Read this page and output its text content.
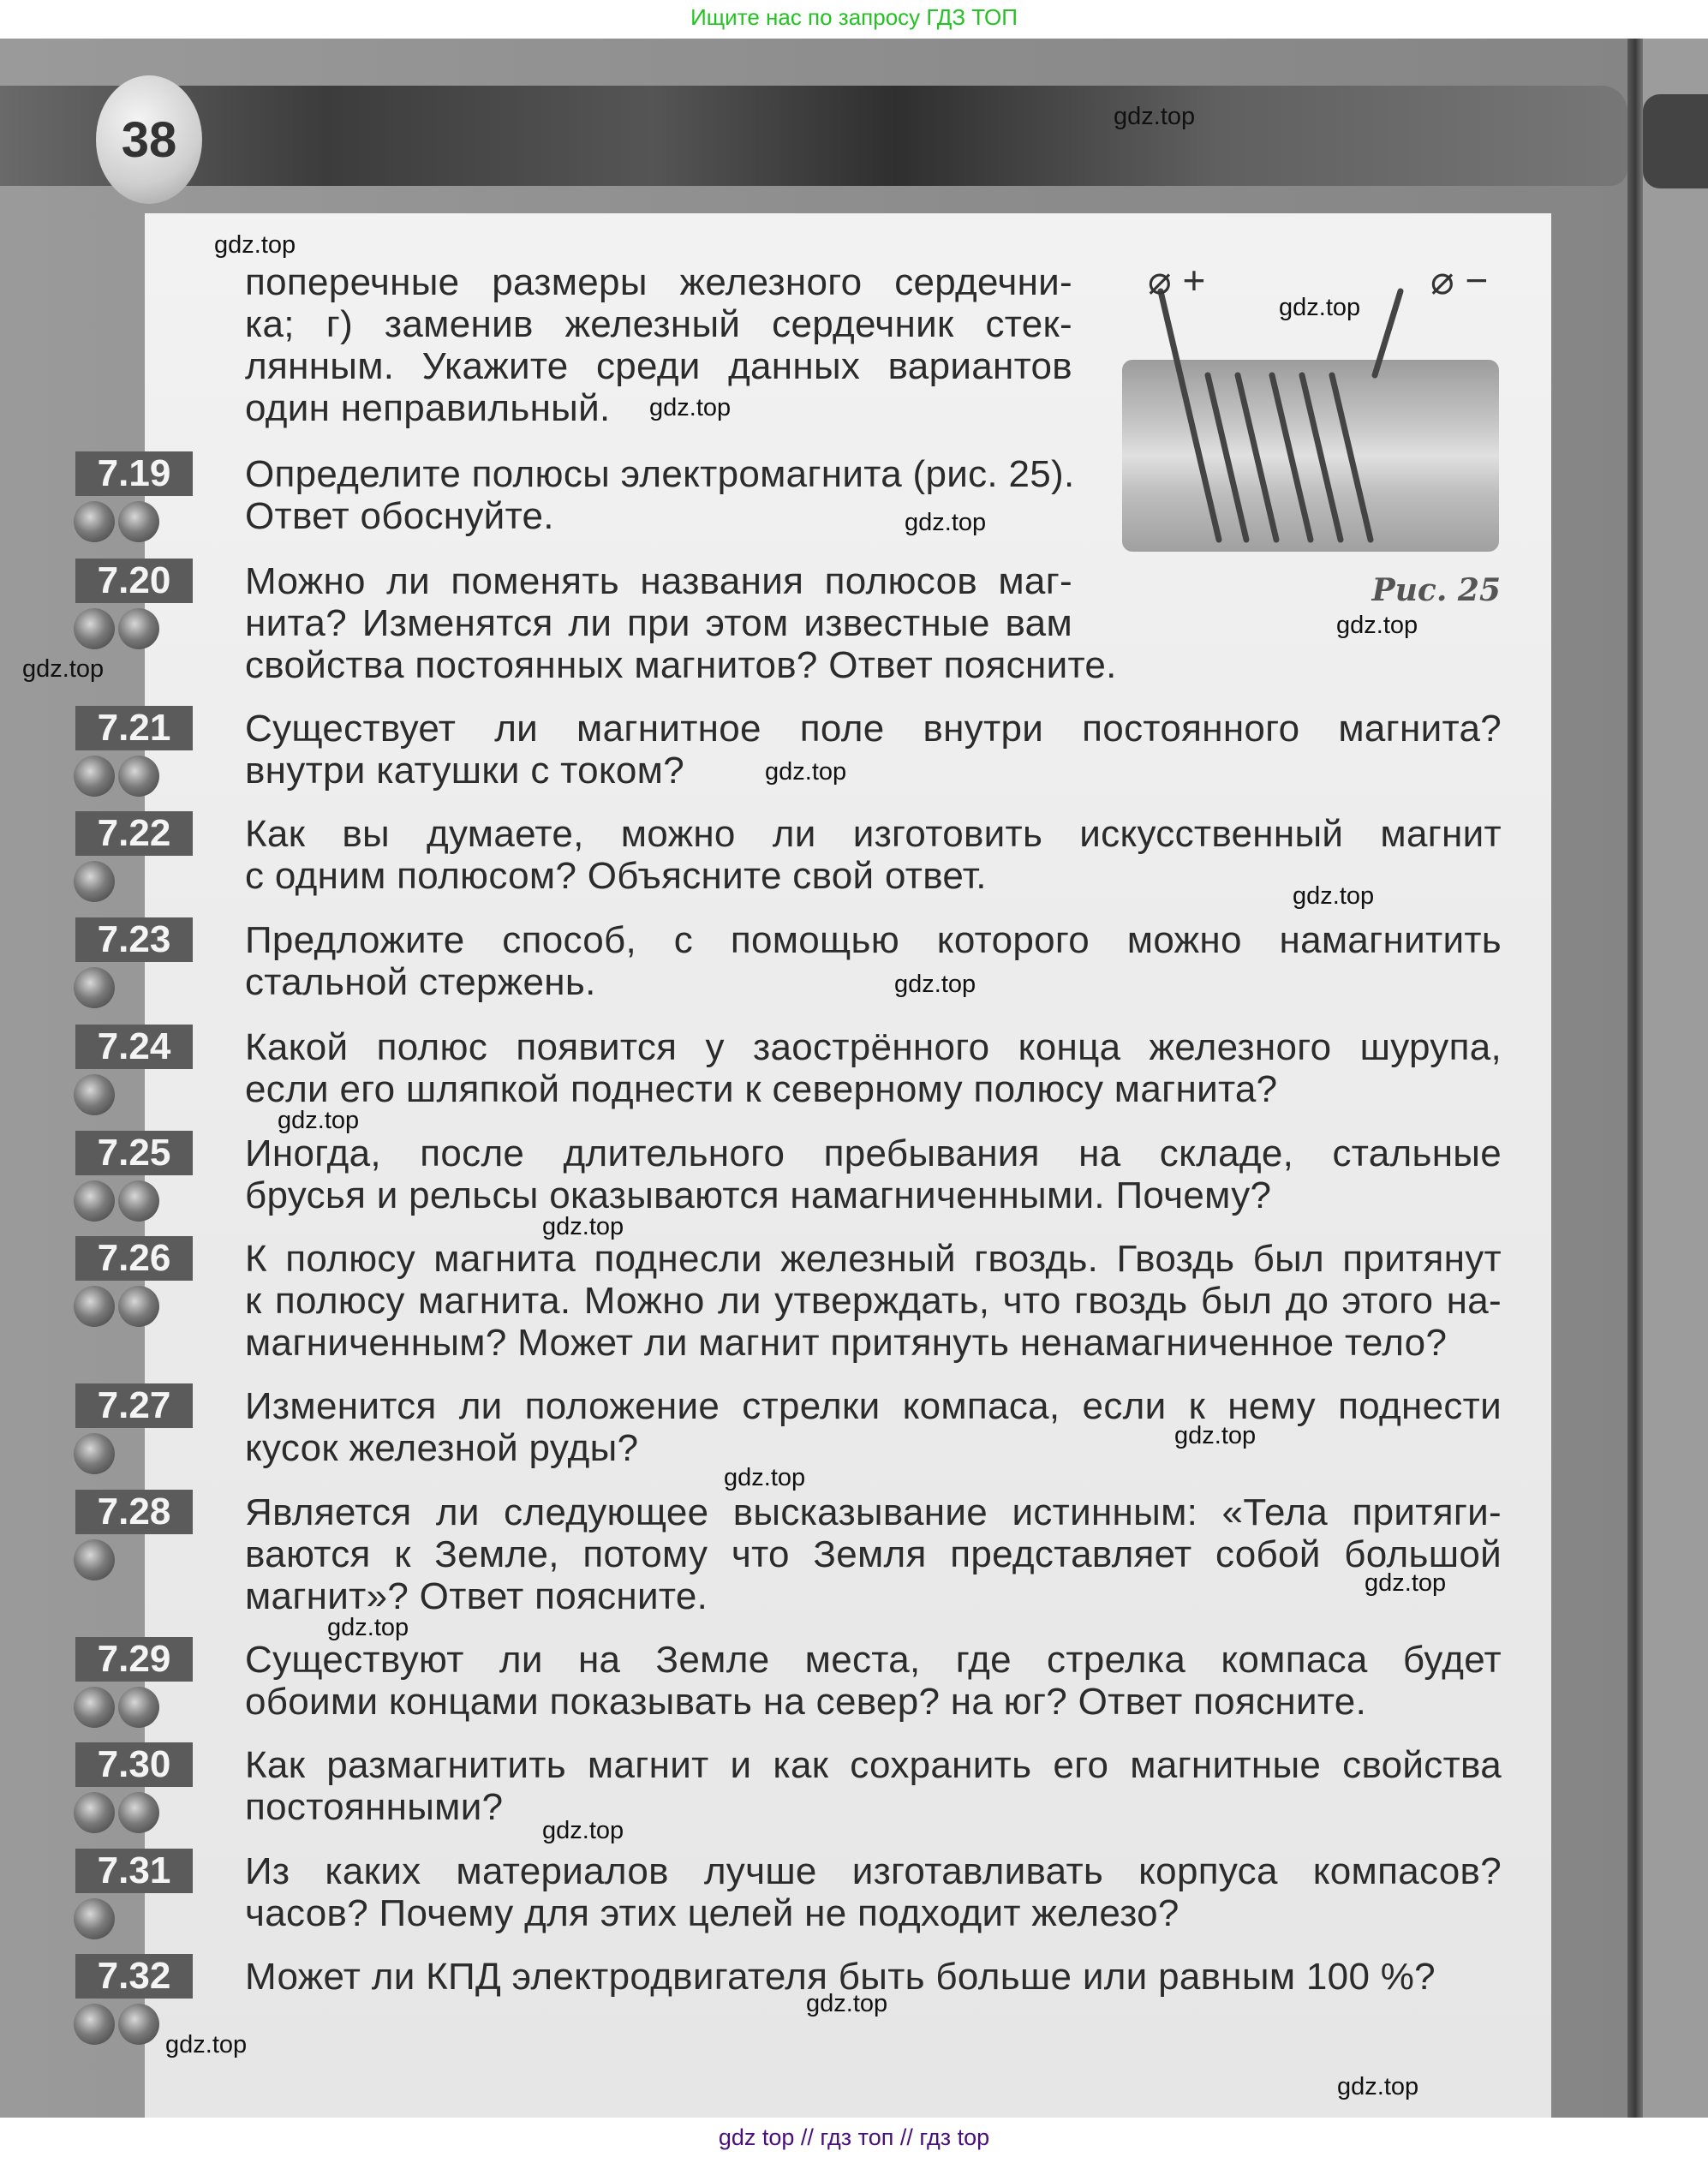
Ищите нас по запросу ГДЗ ТОП
38
поперечные размеры железного сердечни-
ка; г) заменив железный сердечник стек-
лянным. Укажите среди данных вариантов
один неправильный.
⌀ +	⌀ −
Рис. 25
7.19	Определите полюсы электромагнита (рис. 25).
Ответ обоснуйте.
7.20	Можно ли поменять названия полюсов маг-
нита? Изменятся ли при этом известные вам
свойства постоянных магнитов? Ответ поясните.
7.21	Существует ли магнитное поле внутри постоянного магнита?
внутри катушки с током?
7.22	Как вы думаете, можно ли изготовить искусственный магнит
с одним полюсом? Объясните свой ответ.
7.23	Предложите способ, с помощью которого можно намагнитить
стальной стержень.
7.24	Какой полюс появится у заострённого конца железного шурупа,
если его шляпкой поднести к северному полюсу магнита?
7.25	Иногда, после длительного пребывания на складе, стальные
брусья и рельсы оказываются намагниченными. Почему?
7.26	К полюсу магнита поднесли железный гвоздь. Гвоздь был притянут
к полюсу магнита. Можно ли утверждать, что гвоздь был до этого на-
магниченным? Может ли магнит притянуть ненамагниченное тело?
7.27	Изменится ли положение стрелки компаса, если к нему поднести
кусок железной руды?
7.28	Является ли следующее высказывание истинным: «Тела притяги-
ваются к Земле, потому что Земля представляет собой большой
магнит»? Ответ поясните.
7.29	Существуют ли на Земле места, где стрелка компаса будет
обоими концами показывать на север? на юг? Ответ поясните.
7.30	Как размагнитить магнит и как сохранить его магнитные свойства
постоянными?
7.31	Из каких материалов лучше изготавливать корпуса компасов?
часов? Почему для этих целей не подходит железо?
7.32	Может ли КПД электродвигателя быть больше или равным 100 %?
gdz.top
gdz.top
gdz.top
gdz.top
gdz.top
gdz.top
gdz.top
gdz.top
gdz.top
gdz.top
gdz.top
gdz.top
gdz.top
gdz.top
gdz.top
gdz.top
gdz.top
gdz.top
gdz.top
gdz.top
gdz top // гдз топ // гдз top
